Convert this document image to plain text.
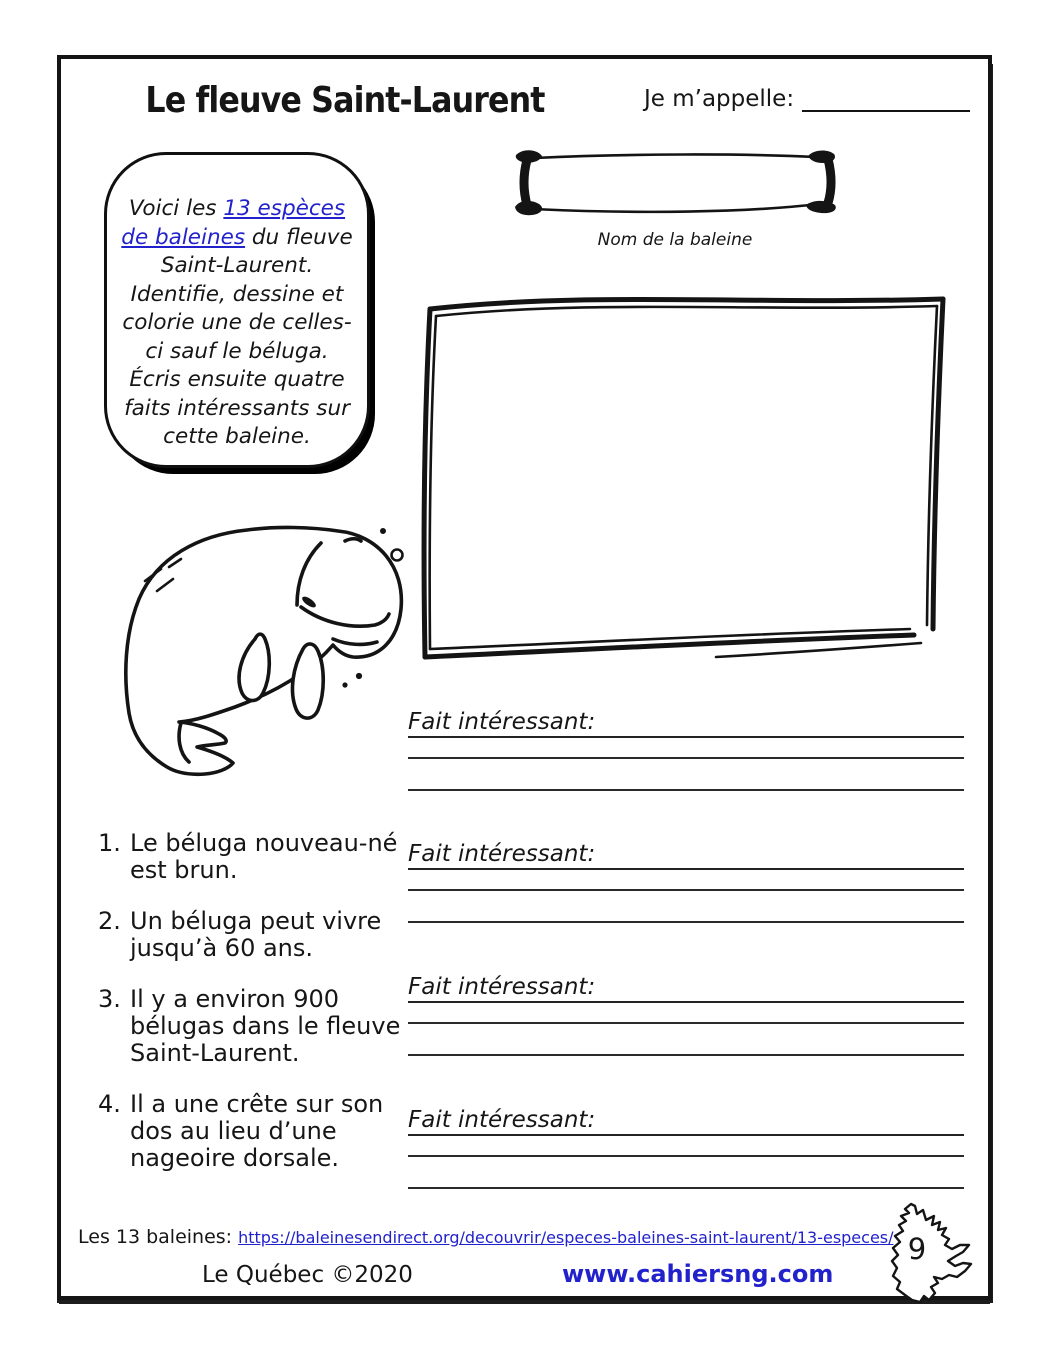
Le fleuve Saint-Laurent	Je m’appelle:
Nom de la baleine
Voici les 13 espèces de baleines du fleuve Saint-Laurent. Identifie, dessine et colorie une de celles-ci sauf le béluga. Écris ensuite quatre faits intéressants sur cette baleine.
Fait intéressant:
Fait intéressant:
Fait intéressant:
Fait intéressant:
1. Le béluga nouveau-né est brun.
2. Un béluga peut vivre jusqu’à 60 ans.
3. Il y a environ 900 bélugas dans le fleuve Saint-Laurent.
4. Il a une crête sur son dos au lieu d’une nageoire dorsale.
Les 13 baleines: https://baleinesendirect.org/decouvrir/especes-baleines-saint-laurent/13-especes/
Le Québec ©2020	www.cahiersng.com
9
